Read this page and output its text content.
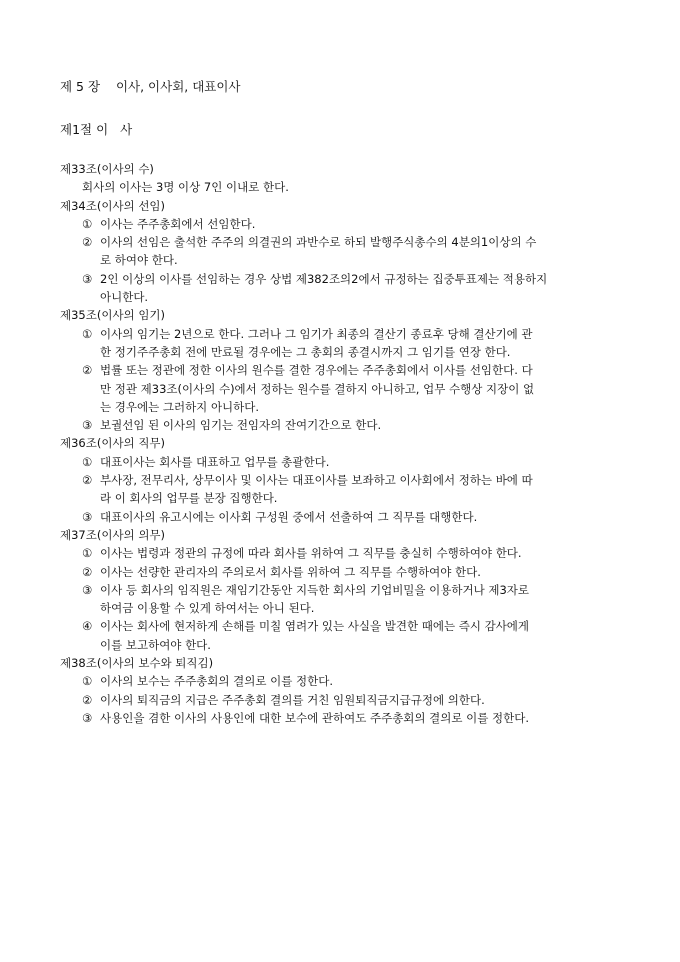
제 5 장    이사, 이사회, 대표이사
제1절 이   사
제33조(이사의 수)
회사의 이사는 3명 이상 7인 이내로 한다.
제34조(이사의 선임)
① 이사는 주주총회에서 선임한다.
② 이사의 선임은 출석한 주주의 의결권의 과반수로 하되 발행주식총수의 4분의1이상의 수
로 하여야 한다.
③ 2인 이상의 이사를 선임하는 경우 상법 제382조의2에서 규정하는 집중투표제는 적용하지
아니한다.
제35조(이사의 임기)
① 이사의 임기는 2년으로 한다. 그러나 그 임기가 최종의 결산기 종료후 당해 결산기에 관
한 정기주주총회 전에 만료될 경우에는 그 총회의 종결시까지 그 임기를 연장 한다.
② 법률 또는 정관에 정한 이사의 원수를 결한 경우에는 주주총회에서 이사를 선임한다. 다
만 정관 제33조(이사의 수)에서 정하는 원수를 결하지 아니하고, 업무 수행상 지장이 없
는 경우에는 그러하지 아니하다.
③ 보궐선임 된 이사의 임기는 전임자의 잔여기간으로 한다.
제36조(이사의 직무)
① 대표이사는 회사를 대표하고 업무를 총괄한다.
② 부사장, 전무리사, 상무이사 및 이사는 대표이사를 보좌하고 이사회에서 정하는 바에 따
라 이 회사의 업무를 분장 집행한다.
③ 대표이사의 유고시에는 이사회 구성원 중에서 선출하여 그 직무를 대행한다.
제37조(이사의 의무)
① 이사는 법령과 정관의 규정에 따라 회사를 위하여 그 직무를 충실히 수행하여야 한다.
② 이사는 선량한 관리자의 주의로서 회사를 위하여 그 직무를 수행하여야 한다.
③ 이사 등 회사의 임직원은 재임기간동안 지득한 회사의 기업비밀을 이용하거나 제3자로
하여금 이용할 수 있게 하여서는 아니 된다.
④ 이사는 회사에 현저하게 손해를 미칠 염려가 있는 사실을 발견한 때에는 즉시 감사에게
이를 보고하여야 한다.
제38조(이사의 보수와 퇴직김)
① 이사의 보수는 주주총회의 결의로 이를 정한다.
② 이사의 퇴직금의 지급은 주주총회 결의를 거친 임원퇴직금지급규정에 의한다.
③ 사용인을 겸한 이사의 사용인에 대한 보수에 관하여도 주주총회의 결의로 이를 정한다.
